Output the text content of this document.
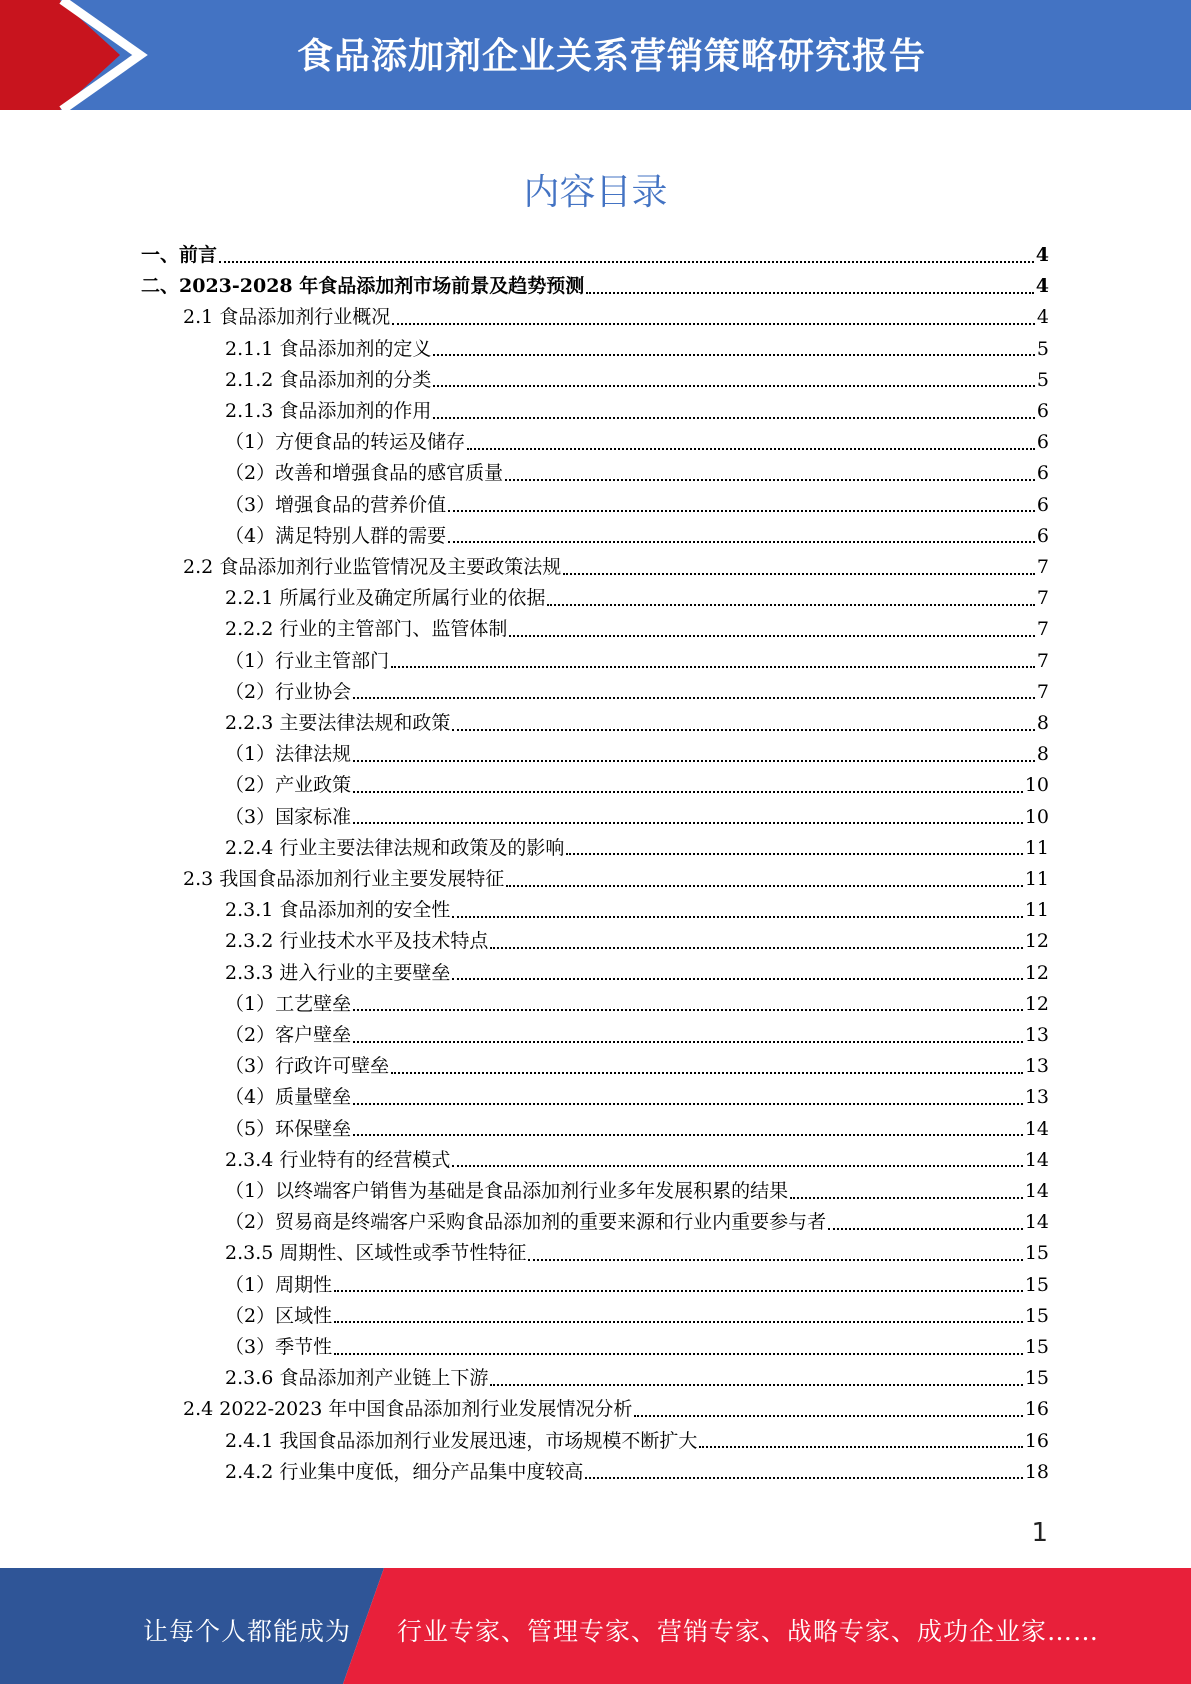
食品添加剂企业关系营销策略研究报告
内容目录
一、前言	4
二、2023-2028 年食品添加剂市场前景及趋势预测	4
2.1 食品添加剂行业概况	4
2.1.1 食品添加剂的定义	5
2.1.2 食品添加剂的分类	5
2.1.3 食品添加剂的作用	6
（1）方便食品的转运及储存	6
（2）改善和增强食品的感官质量	6
（3）增强食品的营养价值	6
（4）满足特别人群的需要	6
2.2 食品添加剂行业监管情况及主要政策法规	7
2.2.1 所属行业及确定所属行业的依据	7
2.2.2 行业的主管部门、监管体制	7
（1）行业主管部门	7
（2）行业协会	7
2.2.3 主要法律法规和政策	8
（1）法律法规	8
（2）产业政策	10
（3）国家标准	10
2.2.4 行业主要法律法规和政策及的影响	11
2.3 我国食品添加剂行业主要发展特征	11
2.3.1 食品添加剂的安全性	11
2.3.2 行业技术水平及技术特点	12
2.3.3 进入行业的主要壁垒	12
（1）工艺壁垒	12
（2）客户壁垒	13
（3）行政许可壁垒	13
（4）质量壁垒	13
（5）环保壁垒	14
2.3.4 行业特有的经营模式	14
（1）以终端客户销售为基础是食品添加剂行业多年发展积累的结果	14
（2）贸易商是终端客户采购食品添加剂的重要来源和行业内重要参与者	14
2.3.5 周期性、区域性或季节性特征	15
（1）周期性	15
（2）区域性	15
（3）季节性	15
2.3.6 食品添加剂产业链上下游	15
2.4 2022-2023 年中国食品添加剂行业发展情况分析	16
2.4.1 我国食品添加剂行业发展迅速，市场规模不断扩大	16
2.4.2 行业集中度低，细分产品集中度较高	18
1
让每个人都能成为 行业专家、管理专家、营销专家、战略专家、成功企业家……
